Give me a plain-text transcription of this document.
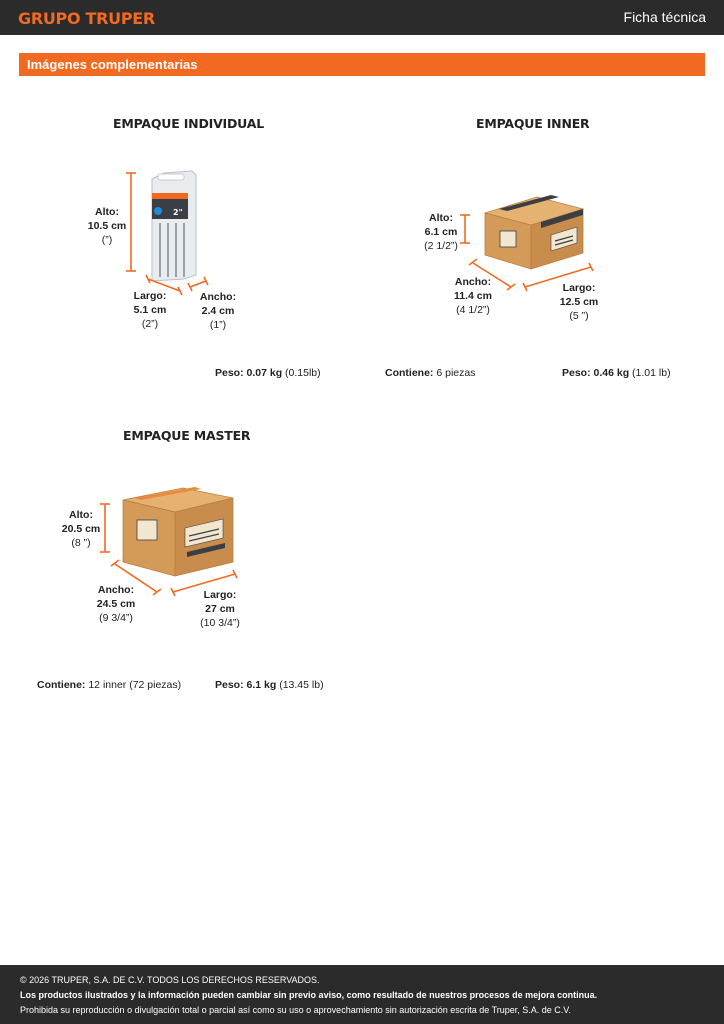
GRUPO TRUPER	Ficha técnica
Imágenes complementarias
EMPAQUE INDIVIDUAL
2"
Alto:
10.5 cm
(”)
Largo:
5.1 cm
(2”)
Ancho:
2.4 cm
(1”)
Peso: 0.07 kg (0.15lb)
EMPAQUE INNER
Alto:
6.1 cm
(2 1/2”)
Ancho:
11.4 cm
(4 1/2”)
Largo:
12.5 cm
(5 ”)
Contiene: 6 piezas	Peso: 0.46 kg (1.01 lb)
EMPAQUE MASTER
Alto:
20.5 cm
(8 ”)
Ancho:
24.5 cm
(9 3/4”)
Largo:
27 cm
(10 3/4”)
Contiene: 12 inner (72 piezas)	Peso: 6.1 kg (13.45 lb)
© 2026 TRUPER, S.A. DE C.V. TODOS LOS DERECHOS RESERVADOS.
Los productos ilustrados y la información pueden cambiar sin previo aviso, como resultado de nuestros procesos de mejora continua.
Prohibida su reproducción o divulgación total o parcial así como su uso o aprovechamiento sin autorización escrita de Truper, S.A. de C.V.
